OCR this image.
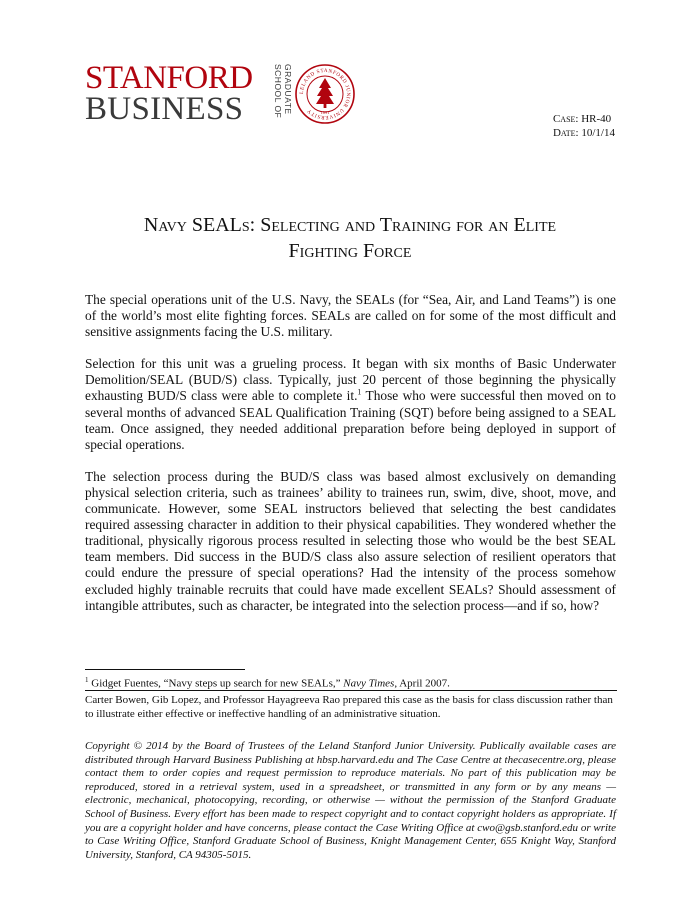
STANFORD
BUSINESS	GRADUATE
SCHOOL OF	LELAND STANFORD JUNIOR UNIVERSITY	1891
Case: HR-40
Date: 10/1/14
Navy SEALs: Selecting and Training for an Elite
Fighting Force

The special operations unit of the U.S. Navy, the SEALs (for “Sea, Air, and Land Teams”) is one of the world’s most elite fighting forces. SEALs are called on for some of the most difficult and sensitive assignments facing the U.S. military.

Selection for this unit was a grueling process. It began with six months of Basic Underwater Demolition/SEAL (BUD/S) class. Typically, just 20 percent of those beginning the physically exhausting BUD/S class were able to complete it.$^1$ Those who were successful then moved on to several months of advanced SEAL Qualification Training (SQT) before being assigned to a SEAL team. Once assigned, they needed additional preparation before being deployed in support of special operations.

The selection process during the BUD/S class was based almost exclusively on demanding physical selection criteria, such as trainees’ ability to trainees run, swim, dive, shoot, move, and communicate. However, some SEAL instructors believed that selecting the best candidates required assessing character in addition to their physical capabilities. They wondered whether the traditional, physically rigorous process resulted in selecting those who would be the best SEAL team members. Did success in the BUD/S class also assure selection of resilient operators that could endure the pressure of special operations? Had the intensity of the process somehow excluded highly trainable recruits that could have made excellent SEALs? Should assessment of intangible attributes, such as character, be integrated into the selection process—and if so, how?

$^1$ Gidget Fuentes, “Navy steps up search for new SEALs,” Navy Times, April 2007.
Carter Bowen, Gib Lopez, and Professor Hayagreeva Rao prepared this case as the basis for class discussion rather than to illustrate either effective or ineffective handling of an administrative situation.
Copyright © 2014 by the Board of Trustees of the Leland Stanford Junior University. Publically available cases are distributed through Harvard Business Publishing at hbsp.harvard.edu and The Case Centre at thecasecentre.org, please contact them to order copies and request permission to reproduce materials. No part of this publication may be reproduced, stored in a retrieval system, used in a spreadsheet, or transmitted in any form or by any means — electronic, mechanical, photocopying, recording, or otherwise — without the permission of the Stanford Graduate School of Business. Every effort has been made to respect copyright and to contact copyright holders as appropriate. If you are a copyright holder and have concerns, please contact the Case Writing Office at cwo@gsb.stanford.edu or write to Case Writing Office, Stanford Graduate School of Business, Knight Management Center, 655 Knight Way, Stanford University, Stanford, CA 94305-5015.
